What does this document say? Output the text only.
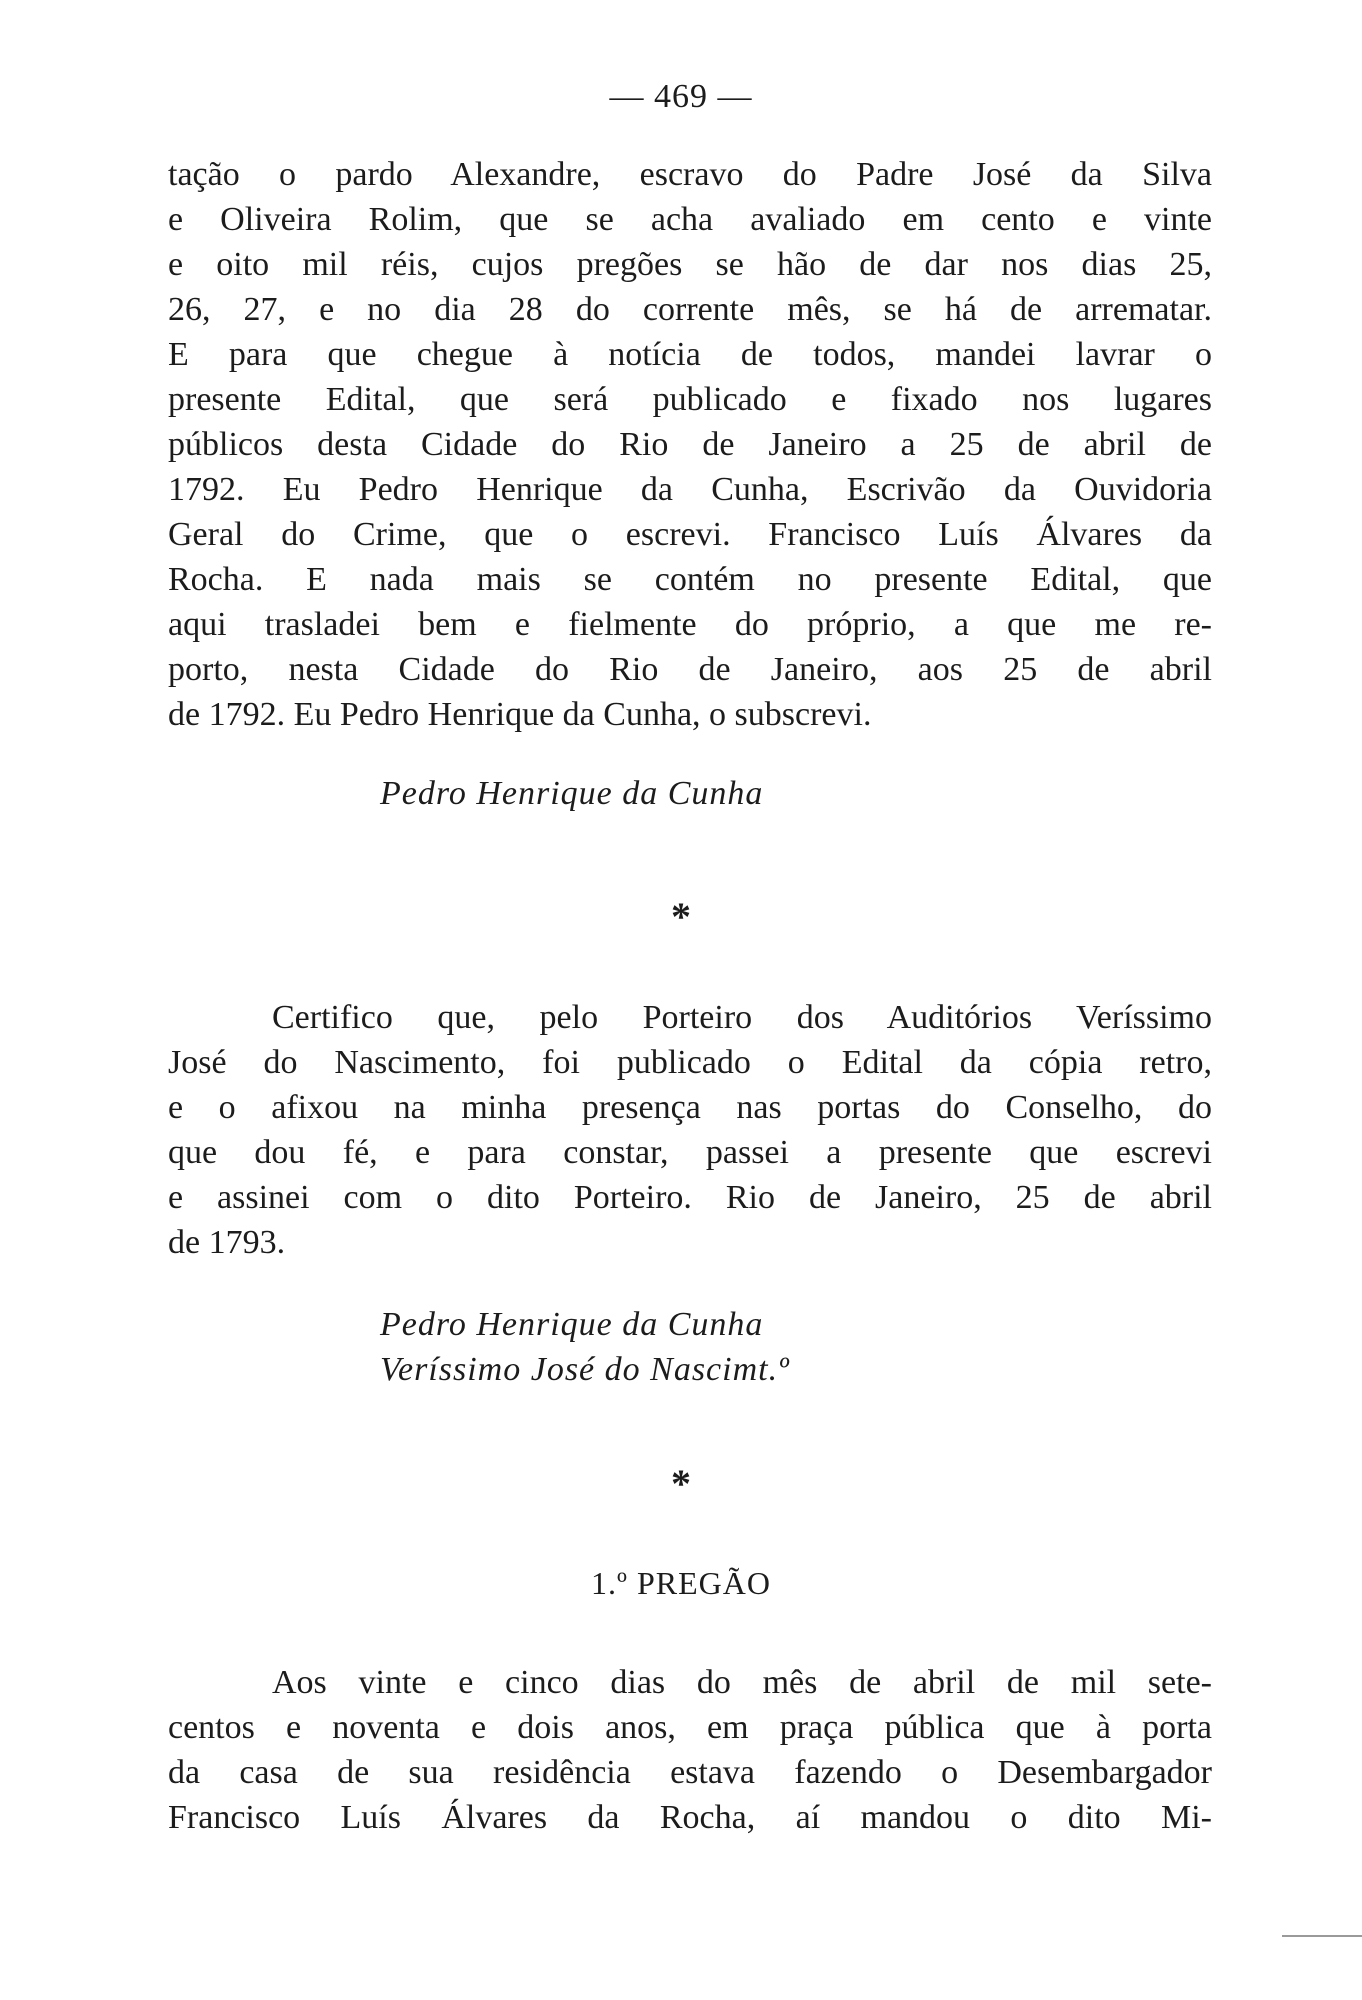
— 469 —
tação o pardo Alexandre, escravo do Padre José da Silva
e Oliveira Rolim, que se acha avaliado em cento e vinte
e oito mil réis, cujos pregões se hão de dar nos dias 25,
26, 27, e no dia 28 do corrente mês, se há de arrematar.
E para que chegue à notícia de todos, mandei lavrar o
presente Edital, que será publicado e fixado nos lugares
públicos desta Cidade do Rio de Janeiro a 25 de abril de
1792. Eu Pedro Henrique da Cunha, Escrivão da Ouvidoria
Geral do Crime, que o escrevi. Francisco Luís Álvares da
Rocha. E nada mais se contém no presente Edital, que
aqui trasladei bem e fielmente do próprio, a que me re-
porto, nesta Cidade do Rio de Janeiro, aos 25 de abril
de 1792. Eu Pedro Henrique da Cunha, o subscrevi.
Pedro Henrique da Cunha
*
Certifico que, pelo Porteiro dos Auditórios Veríssimo
José do Nascimento, foi publicado o Edital da cópia retro,
e o afixou na minha presença nas portas do Conselho, do
que dou fé, e para constar, passei a presente que escrevi
e assinei com o dito Porteiro. Rio de Janeiro, 25 de abril
de 1793.
Pedro Henrique da Cunha
Veríssimo José do Nascimt.º
*
1.º PREGÃO
Aos vinte e cinco dias do mês de abril de mil sete-
centos e noventa e dois anos, em praça pública que à porta
da casa de sua residência estava fazendo o Desembargador
Francisco Luís Álvares da Rocha, aí mandou o dito Mi-
